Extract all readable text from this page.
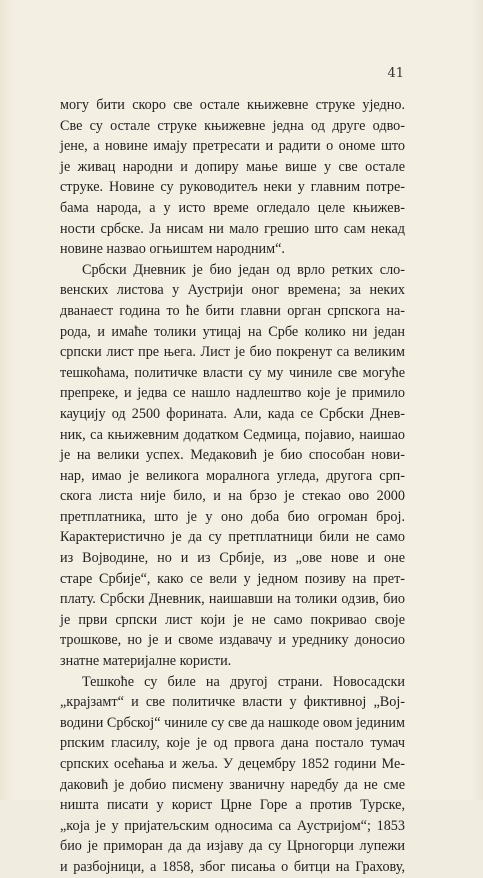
41
могу бити скоро све остале књижевне струке уједно.
Све су остале струке књижевне једна од друге одво-
јене, а новине имају претресати и радити о ономе што
је живац народни и допиру мање више у све остале
струке. Новине су руководитељ неки у главним потре-
бама народа, а у исто време огледало целе књижев-
ности србске. Ја нисам ни мало грешио што сам некад
новине назвао огњиштем народним“.
Србски Дневник је био један од врло ретких сло-
венских листова у Аустрији оног времена; за неких
дванаест година то ће бити главни орган српскога на-
рода, и имаће толики утицај на Србе колико ни један
српски лист пре њега. Лист је био покренут са великим
тешкоћама, политичке власти су му чиниле све могуће
препреке, и једва се нашло надлештво које је примило
кауцију од 2500 форината. Али, када се Србски Днев-
ник, са књижевним додатком Седмица, појавио, наишао
је на велики успех. Медаковић је био способан нови-
нар, имао је великога моралнога угледа, другога срп-
скога листа није било, и на брзо је стекао ово 2000
претплатника, што је у оно доба био огроман број.
Карактеристично је да су претплатници били не само
из Војводине, но и из Србије, из „ове нове и оне
старе Србије“, како се вели у једном позиву на прет-
плату. Србски Дневник, наишавши на толики одзив, био
је први српски лист који је не само покривао своје
трошкове, но је и своме издавачу и уреднику доносио
знатне материјалне користи.
Тешкоће су биле на другој страни. Новосадски
„крајзамт“ и све политичке власти у фиктивној „Вој-
водини Србској“ чиниле су све да нашкоде овом јединим
рпским гласилу, које је од првога дана постало тумач
српских осећања и жеља. У децембру 1852 години Ме-
даковић је добио писмену званичну наредбу да не сме
ништа писати у корист Црне Горе а против Турске,
„која је у пријатељским односима са Аустријом“; 1853
био је приморан да да изјаву да су Црногорци лупежи
и разбојници, а 1858, због писања о битци на Грахову,
